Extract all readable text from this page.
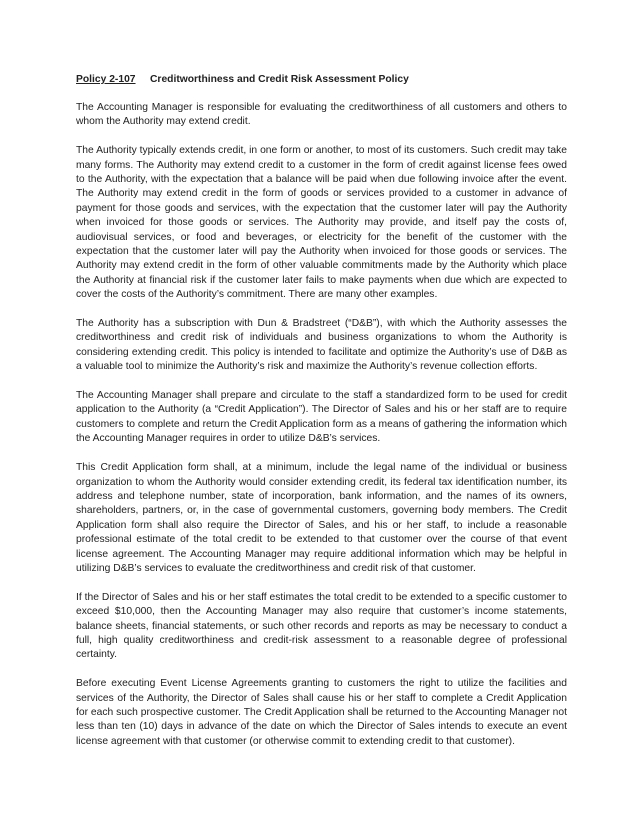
Policy 2-107 Creditworthiness and Credit Risk Assessment Policy

The Accounting Manager is responsible for evaluating the creditworthiness of all customers and others to whom the Authority may extend credit.

The Authority typically extends credit, in one form or another, to most of its customers. Such credit may take many forms. The Authority may extend credit to a customer in the form of credit against license fees owed to the Authority, with the expectation that a balance will be paid when due following invoice after the event. The Authority may extend credit in the form of goods or services provided to a customer in advance of payment for those goods and services, with the expectation that the customer later will pay the Authority when invoiced for those goods or services. The Authority may provide, and itself pay the costs of, audiovisual services, or food and beverages, or electricity for the benefit of the customer with the expectation that the customer later will pay the Authority when invoiced for those goods or services. The Authority may extend credit in the form of other valuable commitments made by the Authority which place the Authority at financial risk if the customer later fails to make payments when due which are expected to cover the costs of the Authority’s commitment. There are many other examples.

The Authority has a subscription with Dun & Bradstreet (“D&B”), with which the Authority assesses the creditworthiness and credit risk of individuals and business organizations to whom the Authority is considering extending credit. This policy is intended to facilitate and optimize the Authority’s use of D&B as a valuable tool to minimize the Authority’s risk and maximize the Authority’s revenue collection efforts.

The Accounting Manager shall prepare and circulate to the staff a standardized form to be used for credit application to the Authority (a “Credit Application”). The Director of Sales and his or her staff are to require customers to complete and return the Credit Application form as a means of gathering the information which the Accounting Manager requires in order to utilize D&B’s services.

This Credit Application form shall, at a minimum, include the legal name of the individual or business organization to whom the Authority would consider extending credit, its federal tax identification number, its address and telephone number, state of incorporation, bank information, and the names of its owners, shareholders, partners, or, in the case of governmental customers, governing body members. The Credit Application form shall also require the Director of Sales, and his or her staff, to include a reasonable professional estimate of the total credit to be extended to that customer over the course of that event license agreement. The Accounting Manager may require additional information which may be helpful in utilizing D&B’s services to evaluate the creditworthiness and credit risk of that customer.

If the Director of Sales and his or her staff estimates the total credit to be extended to a specific customer to exceed $10,000, then the Accounting Manager may also require that customer’s income statements, balance sheets, financial statements, or such other records and reports as may be necessary to conduct a full, high quality creditworthiness and credit-risk assessment to a reasonable degree of professional certainty.

Before executing Event License Agreements granting to customers the right to utilize the facilities and services of the Authority, the Director of Sales shall cause his or her staff to complete a Credit Application for each such prospective customer. The Credit Application shall be returned to the Accounting Manager not less than ten (10) days in advance of the date on which the Director of Sales intends to execute an event license agreement with that customer (or otherwise commit to extending credit to that customer).
